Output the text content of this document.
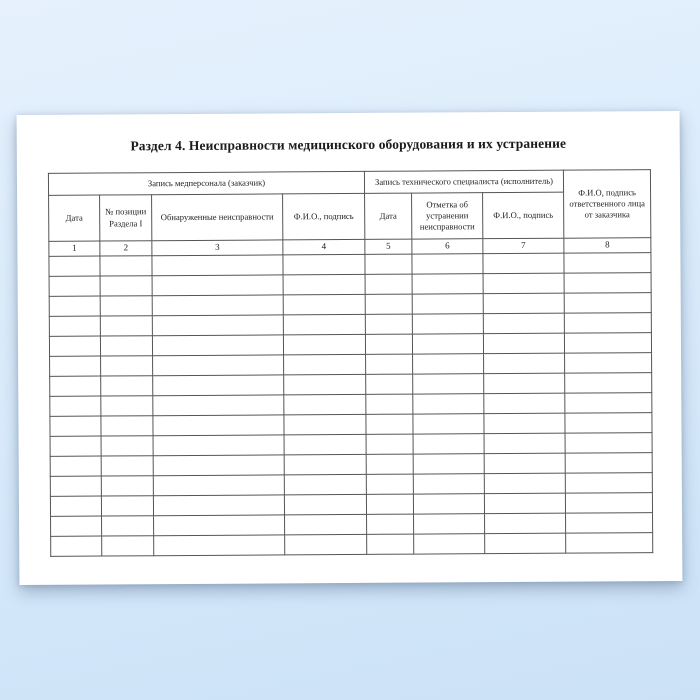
Раздел 4. Неисправности медицинского оборудования и их устранение
Запись медперсонала (заказчик)				Запись технического специалиста (исполнитель)			Ф.И.О, подпись ответственного лица от заказчика
Дата	№ позиции Раздела I	Обнаруженные неисправности	Ф.И.О., подпись	Дата	Отметка об устранении неисправности	Ф.И.О., подпись	
1	2	3	4	5	6	7	8
